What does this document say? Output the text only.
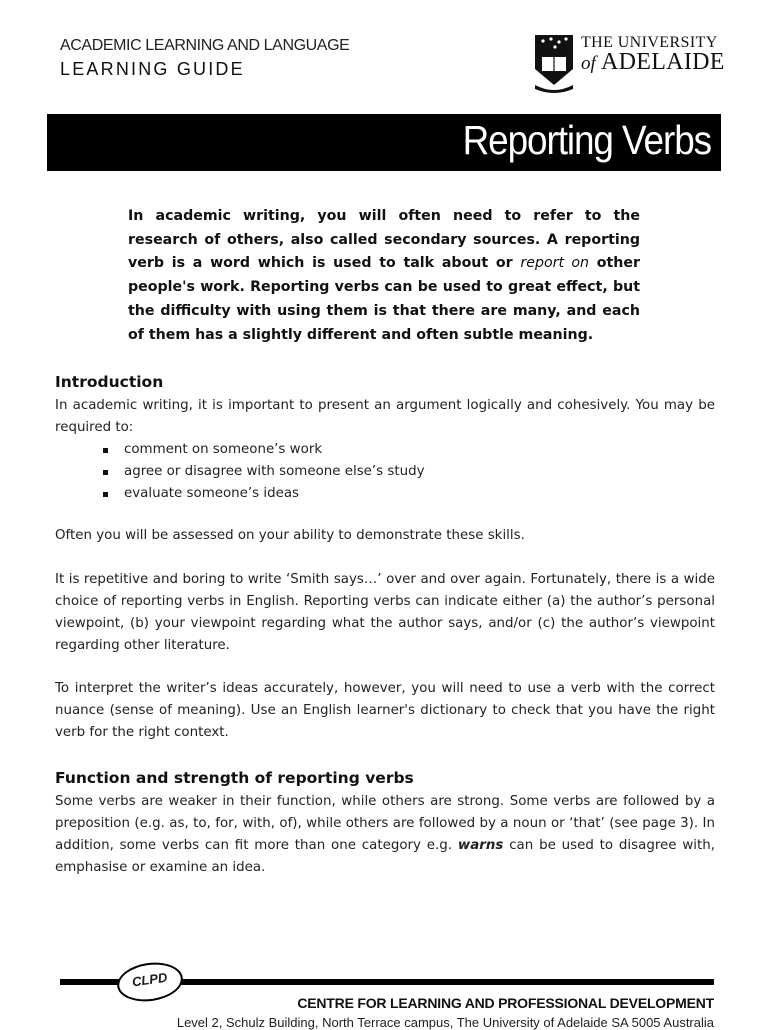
ACADEMIC LEARNING AND LANGUAGE
LEARNING GUIDE
THE UNIVERSITY
of ADELAIDE
Reporting Verbs
In academic writing, you will often need to refer to the research of others, also called secondary sources. A reporting verb is a word which is used to talk about or report on other people's work. Reporting verbs can be used to great effect, but the difficulty with using them is that there are many, and each of them has a slightly different and often subtle meaning.
Introduction
In academic writing, it is important to present an argument logically and cohesively. You may be required to:
comment on someone’s work
agree or disagree with someone else’s study
evaluate someone’s ideas
Often you will be assessed on your ability to demonstrate these skills.
It is repetitive and boring to write ‘Smith says…’ over and over again. Fortunately, there is a wide choice of reporting verbs in English. Reporting verbs can indicate either (a) the author’s personal viewpoint, (b) your viewpoint regarding what the author says, and/or (c) the author’s viewpoint regarding other literature.
To interpret the writer’s ideas accurately, however, you will need to use a verb with the correct nuance (sense of meaning). Use an English learner's dictionary to check that you have the right verb for the right context.
Function and strength of reporting verbs
Some verbs are weaker in their function, while others are strong. Some verbs are followed by a preposition (e.g. as, to, for, with, of), while others are followed by a noun or ‘that’ (see page 3). In addition, some verbs can fit more than one category e.g. warns can be used to disagree with, emphasise or examine an idea.
CLPD
CENTRE FOR LEARNING AND PROFESSIONAL DEVELOPMENT
Level 2, Schulz Building, North Terrace campus, The University of Adelaide SA 5005 Australia
